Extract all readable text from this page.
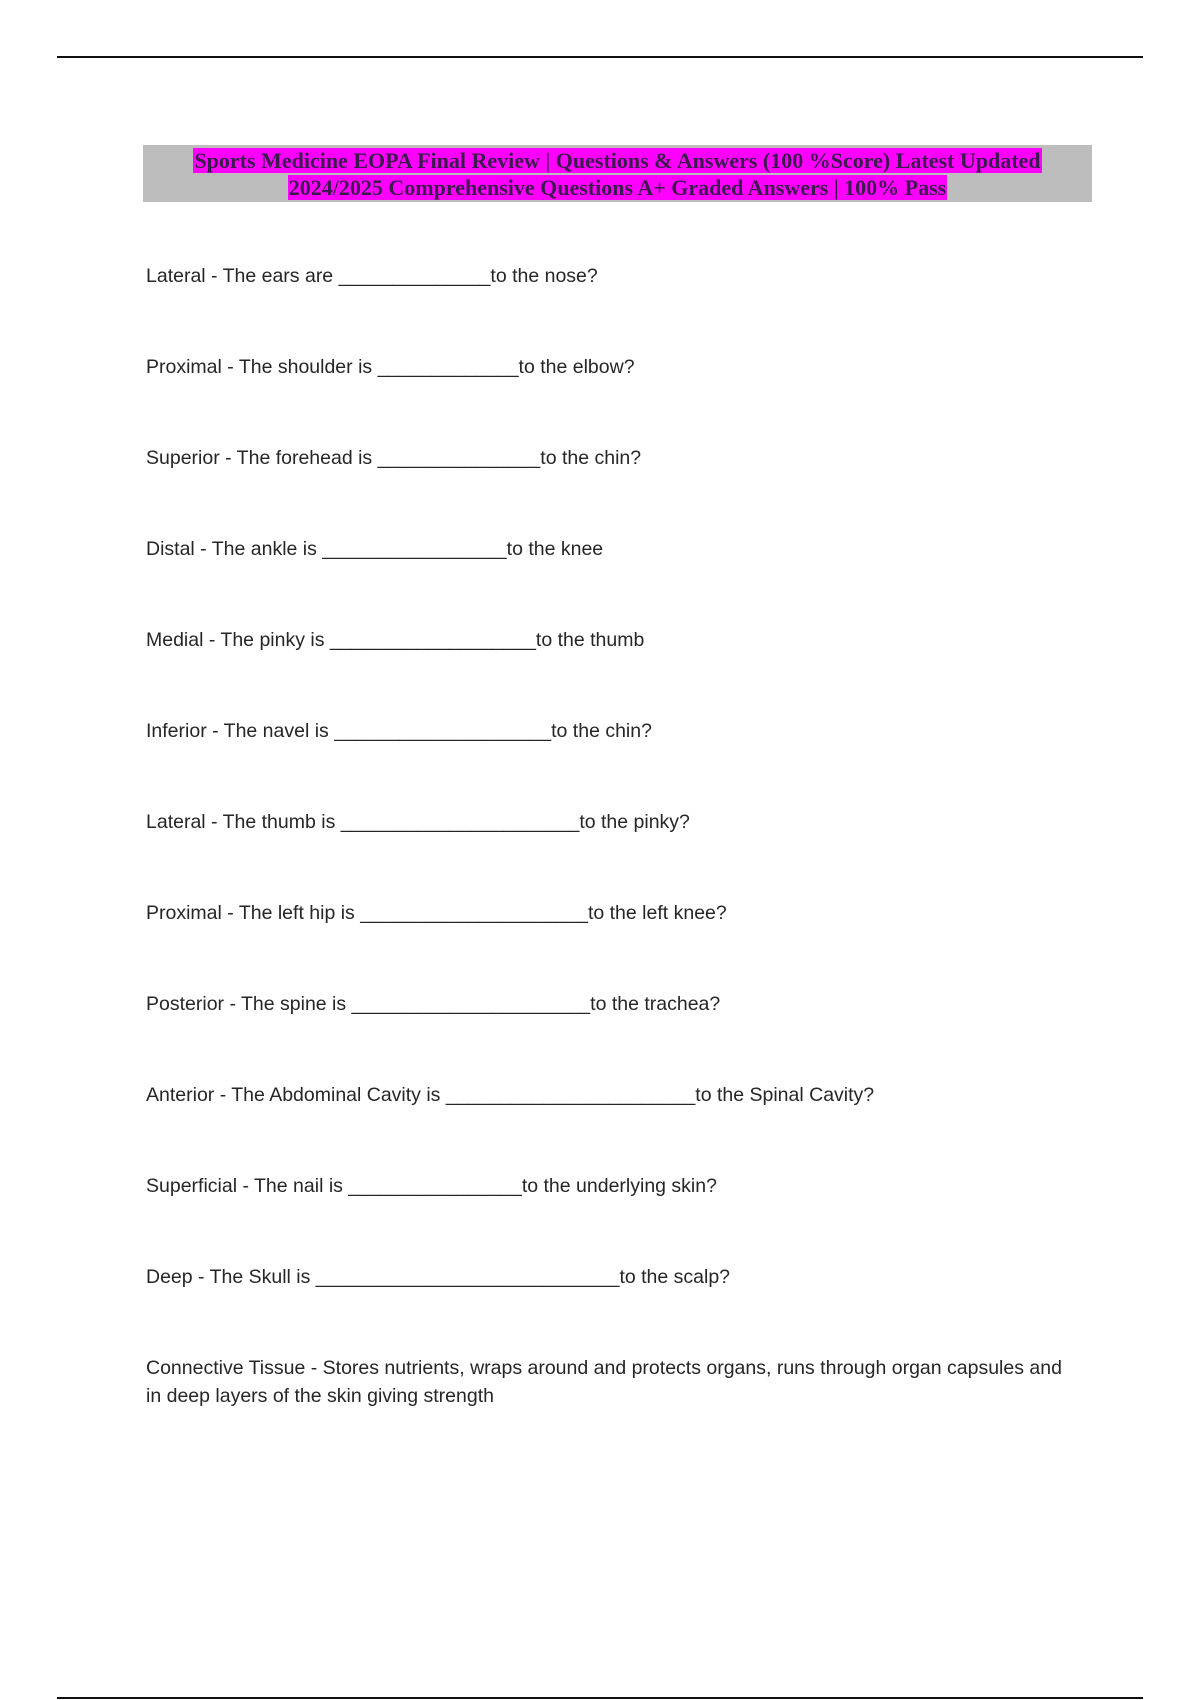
Sports Medicine EOPA Final Review | Questions & Answers (100 %Score) Latest Updated
2024/2025 Comprehensive Questions A+ Graded Answers | 100% Pass
Lateral - The ears are ______________to the nose?
Proximal - The shoulder is _____________to the elbow?
Superior - The forehead is _______________to the chin?
Distal - The ankle is _________________to the knee
Medial - The pinky is ___________________to the thumb
Inferior - The navel is ____________________to the chin?
Lateral - The thumb is ______________________to the pinky?
Proximal - The left hip is _____________________to the left knee?
Posterior - The spine is ______________________to the trachea?
Anterior - The Abdominal Cavity is _______________________to the Spinal Cavity?
Superficial - The nail is ________________to the underlying skin?
Deep - The Skull is ____________________________to the scalp?
Connective Tissue - Stores nutrients, wraps around and protects organs, runs through organ capsules and in deep layers of the skin giving strength
